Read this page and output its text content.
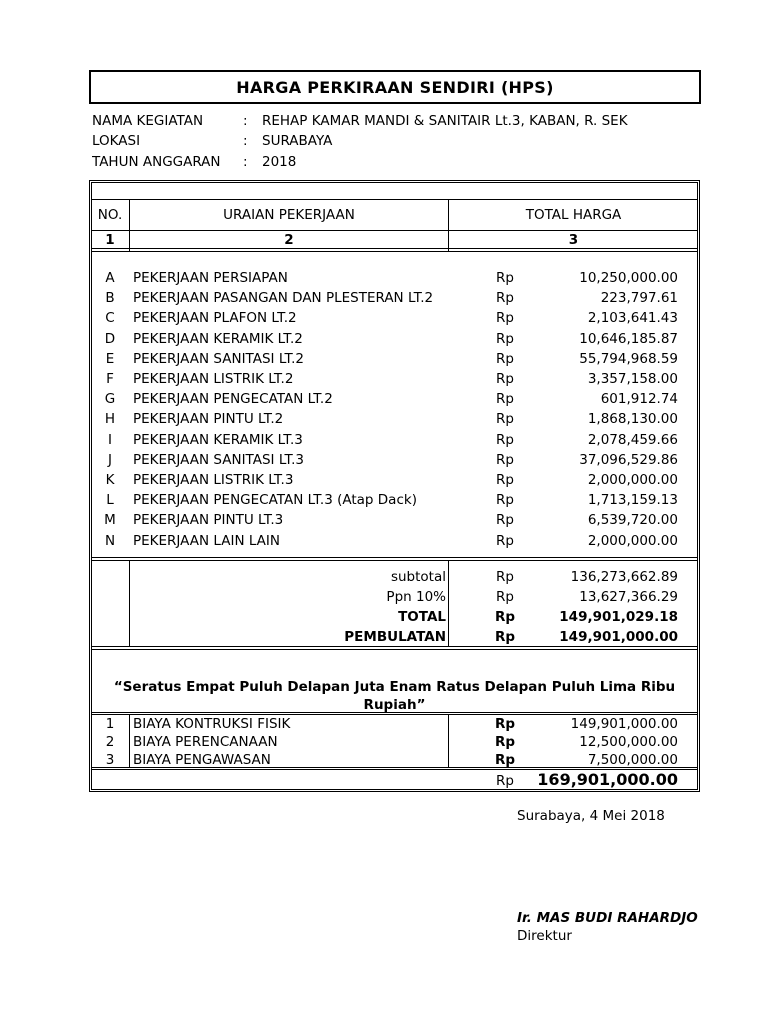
HARGA PERKIRAAN SENDIRI (HPS)
NAMA KEGIATAN	: REHAP KAMAR MANDI & SANITAIR Lt.3, KABAN, R. SEK
LOKASI	: SURABAYA
TAHUN ANGGARAN : 2018
NO.	URAIAN PEKERJAAN	TOTAL HARGA
1	2	3
A	PEKERJAAN PERSIAPAN	Rp	10,250,000.00
B	PEKERJAAN PASANGAN DAN PLESTERAN LT.2	Rp	223,797.61
C	PEKERJAAN PLAFON LT.2	Rp	2,103,641.43
D	PEKERJAAN KERAMIK LT.2	Rp	10,646,185.87
E	PEKERJAAN SANITASI LT.2	Rp	55,794,968.59
F	PEKERJAAN LISTRIK LT.2	Rp	3,357,158.00
G	PEKERJAAN PENGECATAN LT.2	Rp	601,912.74
H	PEKERJAAN PINTU LT.2	Rp	1,868,130.00
I	PEKERJAAN KERAMIK LT.3	Rp	2,078,459.66
J	PEKERJAAN SANITASI LT.3	Rp	37,096,529.86
K	PEKERJAAN LISTRIK LT.3	Rp	2,000,000.00
L	PEKERJAAN PENGECATAN LT.3 (Atap Dack)	Rp	1,713,159.13
M	PEKERJAAN PINTU LT.3	Rp	6,539,720.00
N	PEKERJAAN LAIN LAIN	Rp	2,000,000.00
subtotal	Rp	136,273,662.89
Ppn 10%	Rp	13,627,366.29
TOTAL	Rp	149,901,029.18
PEMBULATAN	Rp	149,901,000.00
“Seratus Empat Puluh Delapan Juta Enam Ratus Delapan Puluh Lima Ribu Rupiah”
1	BIAYA KONTRUKSI FISIK	Rp	149,901,000.00
2	BIAYA PERENCANAAN	Rp	12,500,000.00
3	BIAYA PENGAWASAN	Rp	7,500,000.00
Rp	169,901,000.00
Surabaya, 4 Mei 2018
Ir. MAS BUDI RAHARDJO
Direktur
